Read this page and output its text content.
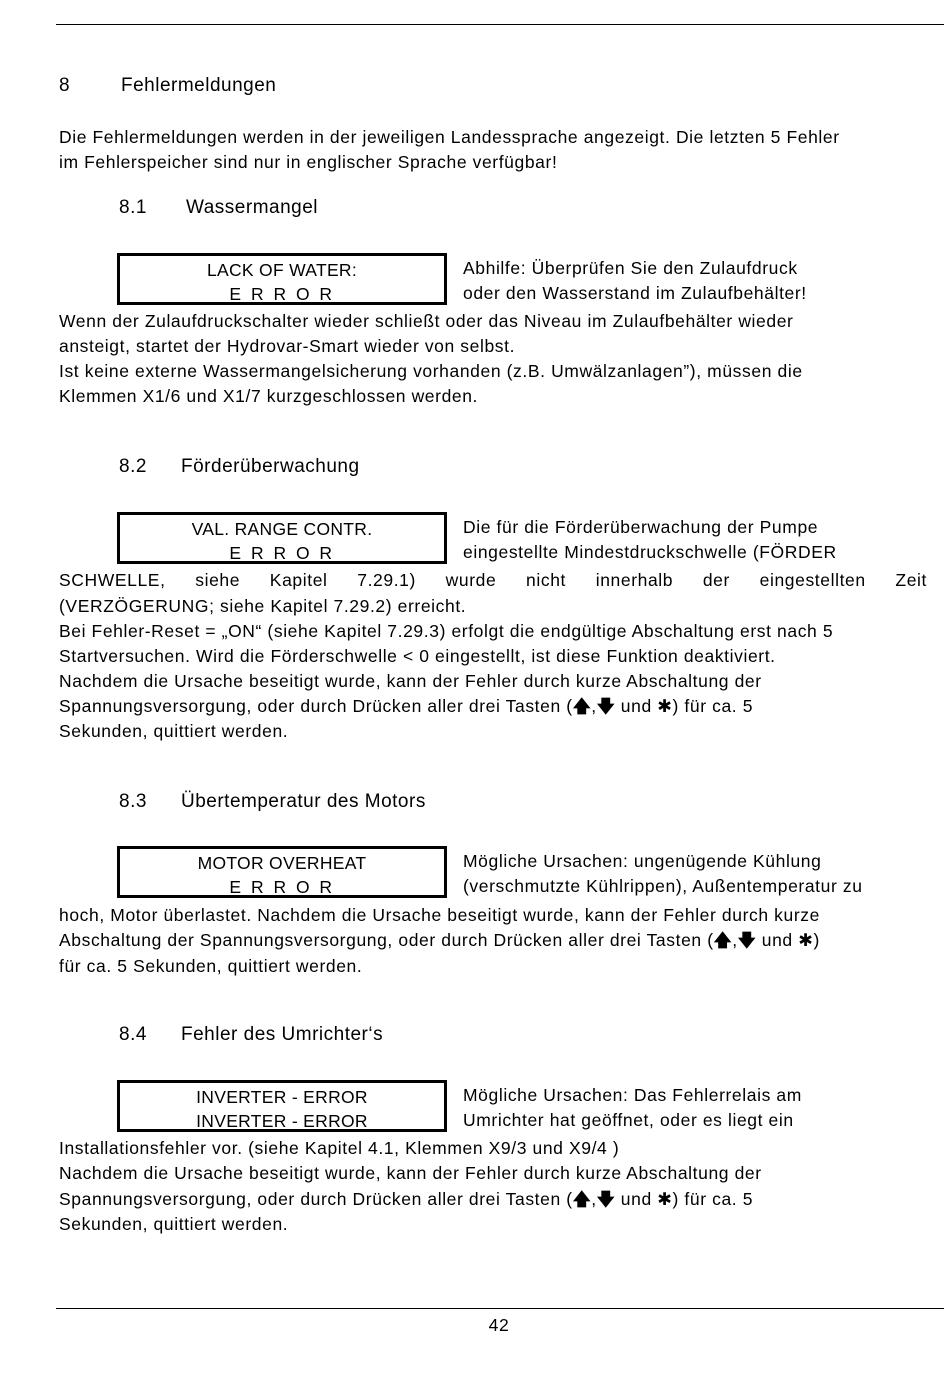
8	Fehlermeldungen
Die Fehlermeldungen werden in der jeweiligen Landessprache angezeigt. Die letzten 5 Fehler
im Fehlerspeicher sind nur in englischer Sprache verfügbar!
8.1 Wassermangel
LACK OF WATER:
E R R O R
Abhilfe: Überprüfen Sie den Zulaufdruck
oder den Wasserstand im Zulaufbehälter!
Wenn der Zulaufdruckschalter wieder schließt oder das Niveau im Zulaufbehälter wieder
ansteigt, startet der Hydrovar-Smart wieder von selbst.
Ist keine externe Wassermangelsicherung vorhanden (z.B. Umwälzanlagen”), müssen die
Klemmen X1/6 und X1/7 kurzgeschlossen werden.
8.2 Förderüberwachung
VAL. RANGE CONTR.
E R R O R
Die für die Förderüberwachung der Pumpe
eingestellte Mindestdruckschwelle (FÖRDER
SCHWELLE, siehe Kapitel 7.29.1) wurde nicht innerhalb der eingestellten Zeit
(VERZÖGERUNG; siehe Kapitel 7.29.2) erreicht.
Bei Fehler-Reset = „ON“ (siehe Kapitel 7.29.3) erfolgt die endgültige Abschaltung erst nach 5
Startversuchen. Wird die Förderschwelle < 0 eingestellt, ist diese Funktion deaktiviert.
Nachdem die Ursache beseitigt wurde, kann der Fehler durch kurze Abschaltung der
Spannungsversorgung, oder durch Drücken aller drei Tasten (🡅,🡇 und ✱) für ca. 5
Sekunden, quittiert werden.
8.3 Übertemperatur des Motors
MOTOR OVERHEAT
E R R O R
Mögliche Ursachen: ungenügende Kühlung
(verschmutzte Kühlrippen), Außentemperatur zu
hoch, Motor überlastet. Nachdem die Ursache beseitigt wurde, kann der Fehler durch kurze
Abschaltung der Spannungsversorgung, oder durch Drücken aller drei Tasten (🡅,🡇 und ✱)
für ca. 5 Sekunden, quittiert werden.
8.4 Fehler des Umrichter‘s
INVERTER - ERROR
INVERTER - ERROR
Mögliche Ursachen: Das Fehlerrelais am
Umrichter hat geöffnet, oder es liegt ein
Installationsfehler vor. (siehe Kapitel 4.1, Klemmen X9/3 und X9/4 )
Nachdem die Ursache beseitigt wurde, kann der Fehler durch kurze Abschaltung der
Spannungsversorgung, oder durch Drücken aller drei Tasten (🡅,🡇 und ✱) für ca. 5
Sekunden, quittiert werden.
42
